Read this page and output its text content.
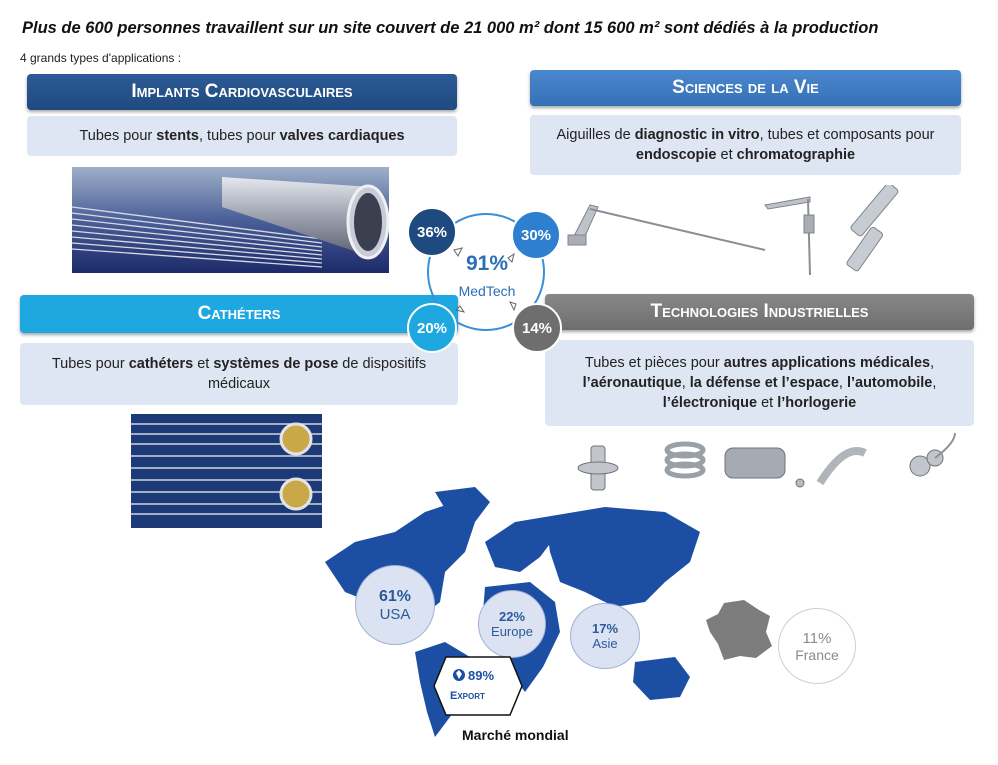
Plus de 600 personnes travaillent sur un site couvert de 21 000 m² dont 15 600 m² sont dédiés à la production
4 grands types d'applications :
Implants Cardiovasculaires
Tubes pour stents, tubes pour valves cardiaques
Sciences de la Vie
Aiguilles de diagnostic in vitro, tubes et composants pour endoscopie et chromatographie
Cathéters
Tubes pour cathéters et systèmes de pose de dispositifs médicaux
Technologies Industrielles
Tubes et pièces pour autres applications médicales, l’aéronautique, la défense et l’espace, l’automobile, l’électronique et l’horlogerie
91%
MedTech
36%	30%
20%	14%
61%
USA	22%
Europe	17%
Asie
89%
Export
Marché mondial
11%
France
